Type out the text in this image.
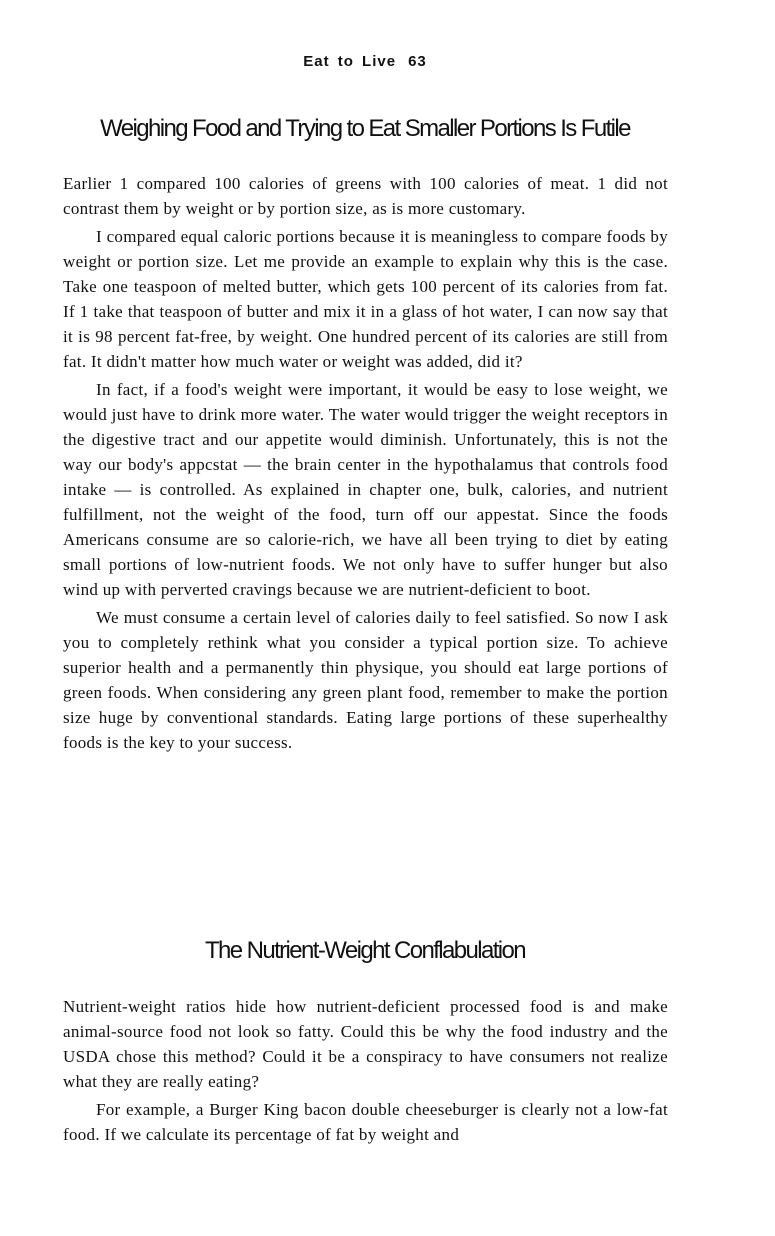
Eat to Live 63
Weighing Food and Trying to Eat Smaller Portions Is Futile

Earlier 1 compared 100 calories of greens with 100 calories of meat. 1 did not contrast them by weight or by portion size, as is more customary.

I compared equal caloric portions because it is meaningless to compare foods by weight or portion size. Let me provide an example to explain why this is the case. Take one teaspoon of melted butter, which gets 100 percent of its calories from fat. If 1 take that teaspoon of butter and mix it in a glass of hot water, I can now say that it is 98 percent fat-free, by weight. One hundred percent of its calories are still from fat. It didn't matter how much water or weight was added, did it?

In fact, if a food's weight were important, it would be easy to lose weight, we would just have to drink more water. The water would trigger the weight receptors in the digestive tract and our appetite would diminish. Unfortunately, this is not the way our body's appcstat — the brain center in the hypothalamus that controls food intake — is controlled. As explained in chapter one, bulk, calories, and nutrient fulfillment, not the weight of the food, turn off our appestat. Since the foods Americans consume are so calorie-rich, we have all been trying to diet by eating small portions of low-nutrient foods. We not only have to suffer hunger but also wind up with perverted cravings because we are nutrient-deficient to boot.

We must consume a certain level of calories daily to feel satisfied. So now I ask you to completely rethink what you consider a typical portion size. To achieve superior health and a permanently thin physique, you should eat large portions of green foods. When considering any green plant food, remember to make the portion size huge by conventional standards. Eating large portions of these superhealthy foods is the key to your success.

The Nutrient-Weight Conflabulation

Nutrient-weight ratios hide how nutrient-deficient processed food is and make animal-source food not look so fatty. Could this be why the food industry and the USDA chose this method? Could it be a conspiracy to have consumers not realize what they are really eating?

For example, a Burger King bacon double cheeseburger is clearly not a low-fat food. If we calculate its percentage of fat by weight and
